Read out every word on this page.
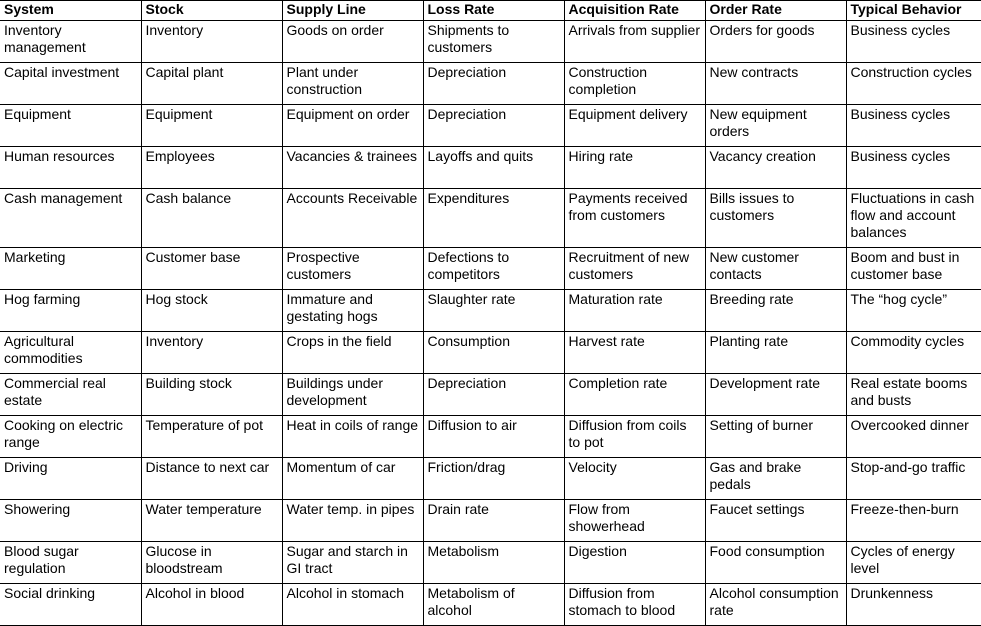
System	Stock	Supply Line	Loss Rate	Acquisition Rate	Order Rate	Typical Behavior
Inventory management	Inventory	Goods on order	Shipments to customers	Arrivals from supplier	Orders for goods	Business cycles
Capital investment	Capital plant	Plant under construction	Depreciation	Construction completion	New contracts	Construction cycles
Equipment	Equipment	Equipment on order	Depreciation	Equipment delivery	New equipment orders	Business cycles
Human resources	Employees	Vacancies & trainees	Layoffs and quits	Hiring rate	Vacancy creation	Business cycles
Cash management	Cash balance	Accounts Receivable	Expenditures	Payments received from customers	Bills issues to customers	Fluctuations in cash flow and account balances
Marketing	Customer base	Prospective customers	Defections to competitors	Recruitment of new customers	New customer contacts	Boom and bust in customer base
Hog farming	Hog stock	Immature and gestating hogs	Slaughter rate	Maturation rate	Breeding rate	The “hog cycle”
Agricultural commodities	Inventory	Crops in the field	Consumption	Harvest rate	Planting rate	Commodity cycles
Commercial real estate	Building stock	Buildings under development	Depreciation	Completion rate	Development rate	Real estate booms and busts
Cooking on electric range	Temperature of pot	Heat in coils of range	Diffusion to air	Diffusion from coils to pot	Setting of burner	Overcooked dinner
Driving	Distance to next car	Momentum of car	Friction/drag	Velocity	Gas and brake pedals	Stop-and-go traffic
Showering	Water temperature	Water temp. in pipes	Drain rate	Flow from showerhead	Faucet settings	Freeze-then-burn
Blood sugar regulation	Glucose in bloodstream	Sugar and starch in GI tract	Metabolism	Digestion	Food consumption	Cycles of energy level
Social drinking	Alcohol in blood	Alcohol in stomach	Metabolism of alcohol	Diffusion from stomach to blood	Alcohol consumption rate	Drunkenness
